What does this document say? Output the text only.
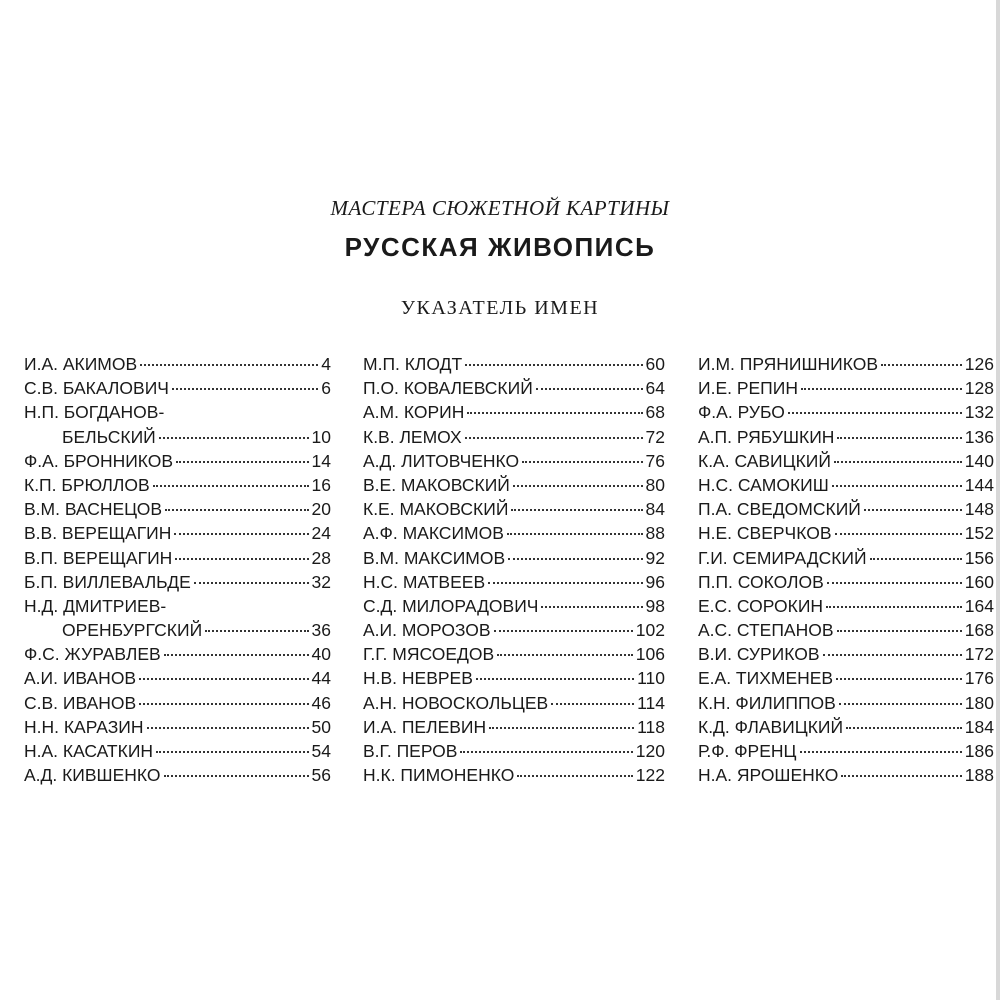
МАСТЕРА СЮЖЕТНОЙ КАРТИНЫ
РУССКАЯ ЖИВОПИСЬ
УКАЗАТЕЛЬ ИМЕН
И.А. АКИМОВ	4
С.В. БАКАЛОВИЧ	6
Н.П. БОГДАНОВ-
БЕЛЬСКИЙ	10
Ф.А. БРОННИКОВ	14
К.П. БРЮЛЛОВ	16
В.М. ВАСНЕЦОВ	20
В.В. ВЕРЕЩАГИН	24
В.П. ВЕРЕЩАГИН	28
Б.П. ВИЛЛЕВАЛЬДЕ	32
Н.Д. ДМИТРИЕВ-
ОРЕНБУРГСКИЙ	36
Ф.С. ЖУРАВЛЕВ	40
А.И. ИВАНОВ	44
С.В. ИВАНОВ	46
Н.Н. КАРАЗИН	50
Н.А. КАСАТКИН	54
А.Д. КИВШЕНКО	56
М.П. КЛОДТ	60
П.О. КОВАЛЕВСКИЙ	64
А.М. КОРИН	68
К.В. ЛЕМОХ	72
А.Д. ЛИТОВЧЕНКО	76
В.Е. МАКОВСКИЙ	80
К.Е. МАКОВСКИЙ	84
А.Ф. МАКСИМОВ	88
В.М. МАКСИМОВ	92
Н.С. МАТВЕЕВ	96
С.Д. МИЛОРАДОВИЧ	98
А.И. МОРОЗОВ	102
Г.Г. МЯСОЕДОВ	106
Н.В. НЕВРЕВ	110
А.Н. НОВОСКОЛЬЦЕВ	114
И.А. ПЕЛЕВИН	118
В.Г. ПЕРОВ	120
Н.К. ПИМОНЕНКО	122
И.М. ПРЯНИШНИКОВ	126
И.Е. РЕПИН	128
Ф.А. РУБО	132
А.П. РЯБУШКИН	136
К.А. САВИЦКИЙ	140
Н.С. САМОКИШ	144
П.А. СВЕДОМСКИЙ	148
Н.Е. СВЕРЧКОВ	152
Г.И. СЕМИРАДСКИЙ	156
П.П. СОКОЛОВ	160
Е.С. СОРОКИН	164
А.С. СТЕПАНОВ	168
В.И. СУРИКОВ	172
Е.А. ТИХМЕНЕВ	176
К.Н. ФИЛИППОВ	180
К.Д. ФЛАВИЦКИЙ	184
Р.Ф. ФРЕНЦ	186
Н.А. ЯРОШЕНКО	188
